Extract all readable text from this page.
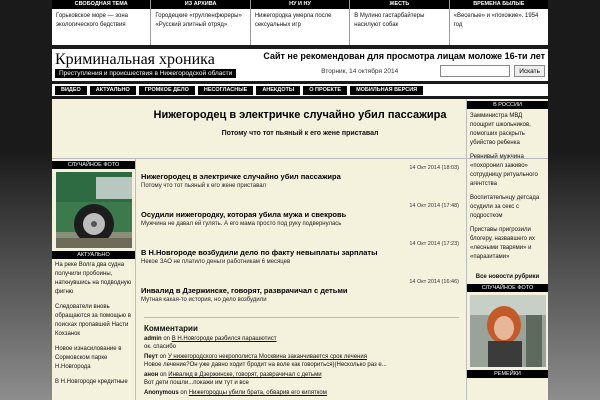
СВОБОДНАЯ ТЕМА
Горьковское море — зона экологического бедствия
ИЗ АРХИВА
Городецкие «грулленфюреры» «Русский элитный отряд»
НУ И НУ
Нижегородка умерла после сексуальных игр
ЖЕСТЬ
В Мулино гастарбайтеры насилуют собак
ВРЕМЕНА БЫЛЫЕ
«Веселые» и «похожие». 1954 год
Криминальная хроника
Преступления и происшествия в Нижегородской области
Сайт не рекомендован для просмотра лицам моложе 16-ти лет
Вторник, 14 октября 2014	Искать
ВИДЕО	АКТУАЛЬНО	ГРОМКОЕ ДЕЛО	НЕСОГЛАСНЫЕ	АНЕКДОТЫ	О ПРОЕКТЕ	МОБИЛЬНАЯ ВЕРСИЯ
Нижегородец в электричке случайно убил пассажира
Потому что тот пьяный к его жене приставал
СЛУЧАЙНОЕ ФОТО
АКТУАЛЬНО
На реке Волга два судна получили пробоины, наткнувшись на подводную фигню
Следователи вновь обращаются за помощью в поисках пропавшей Насти Кохзанок
Новое изнасилование в Сормовском парке Н.Новгорода
В Н.Новгороде кредитные
14 Окт 2014 (18:03)
Нижегородец в электричке случайно убил пассажира
Потому что тот пьяный к его жене приставал
14 Окт 2014 (17:48)
Осудили нижегородку, которая убила мужа и свекровь
Мужчина не давал ей гулять. А его мама просто под руку подвернулась
14 Окт 2014 (17:23)
В Н.Новгороде возбудили дело по факту невыплаты зарплаты
Некое ЗАО не платило деньги работникам 6 месяцев
14 Окт 2014 (16:46)
Инвалид в Дзержинске, говорят, разврачичал с детьми
Мутная какая-то история, но дело возбудили
Комментарии
admin on В Н.Новгороде разбился парашютист
ок. спасибо
Пеут on У нижегородского некрополиста Москвина заканчивается срок лечения
Новое лечение?Он уже давно ходит бродит на воле как говориться)(Несколько раз е...
анон on Инвалид в Дзержинске, говорят, разврачичал с детьми
Вот дети пошли...покажи им тут и все
Anonymous on Нижегородцы убили брата, обварив его кипятком
В РОССИИ
Замминистра МВД поощрит школьников, помогших раскрыть убийство ребенка
Ревнивый мужчина «похоронил заживо» сотрудницу ритуального агентства
Воспитательнцу детсада осудили за секс с подростком
Приставы пригрозили блогеру, назвавшего их «лесными тварями» и «паразитами»
Все новости рубрики
СЛУЧАЙНОЕ ФОТО
РЕМЕЙКИ
